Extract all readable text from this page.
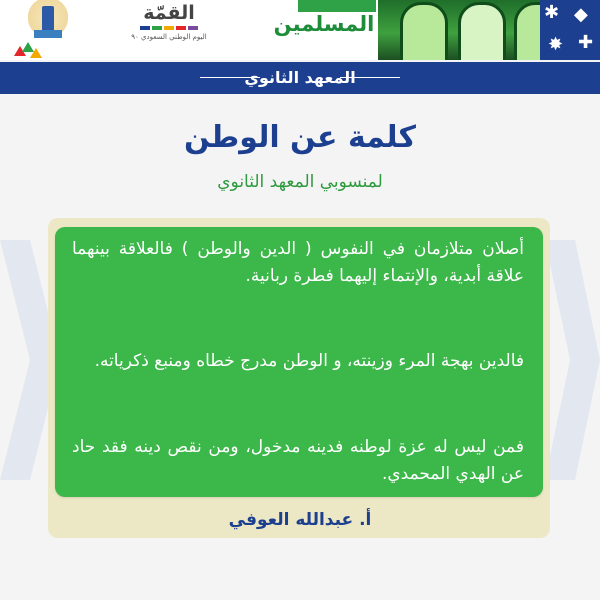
القمّة
اليوم الوطني السعودي ٩٠
المسلمين	✱ ◆
✚
✸
المعهد الثانوي
كلمة عن الوطن
لمنسوبي المعهد الثانوي
أصلان متلازمان في النفوس ( الدين والوطن ) فالعلاقة بينهما علاقة أبدية، والإنتماء إليهما فطرة ربانية.
فالدين بهجة المرء وزينته، و الوطن مدرج خطاه ومنبع ذكرياته.
فمن ليس له عزة لوطنه فدينه مدخول، ومن نقص دينه فقد حاد عن الهدي المحمدي.
أ. عبدالله العوفي
